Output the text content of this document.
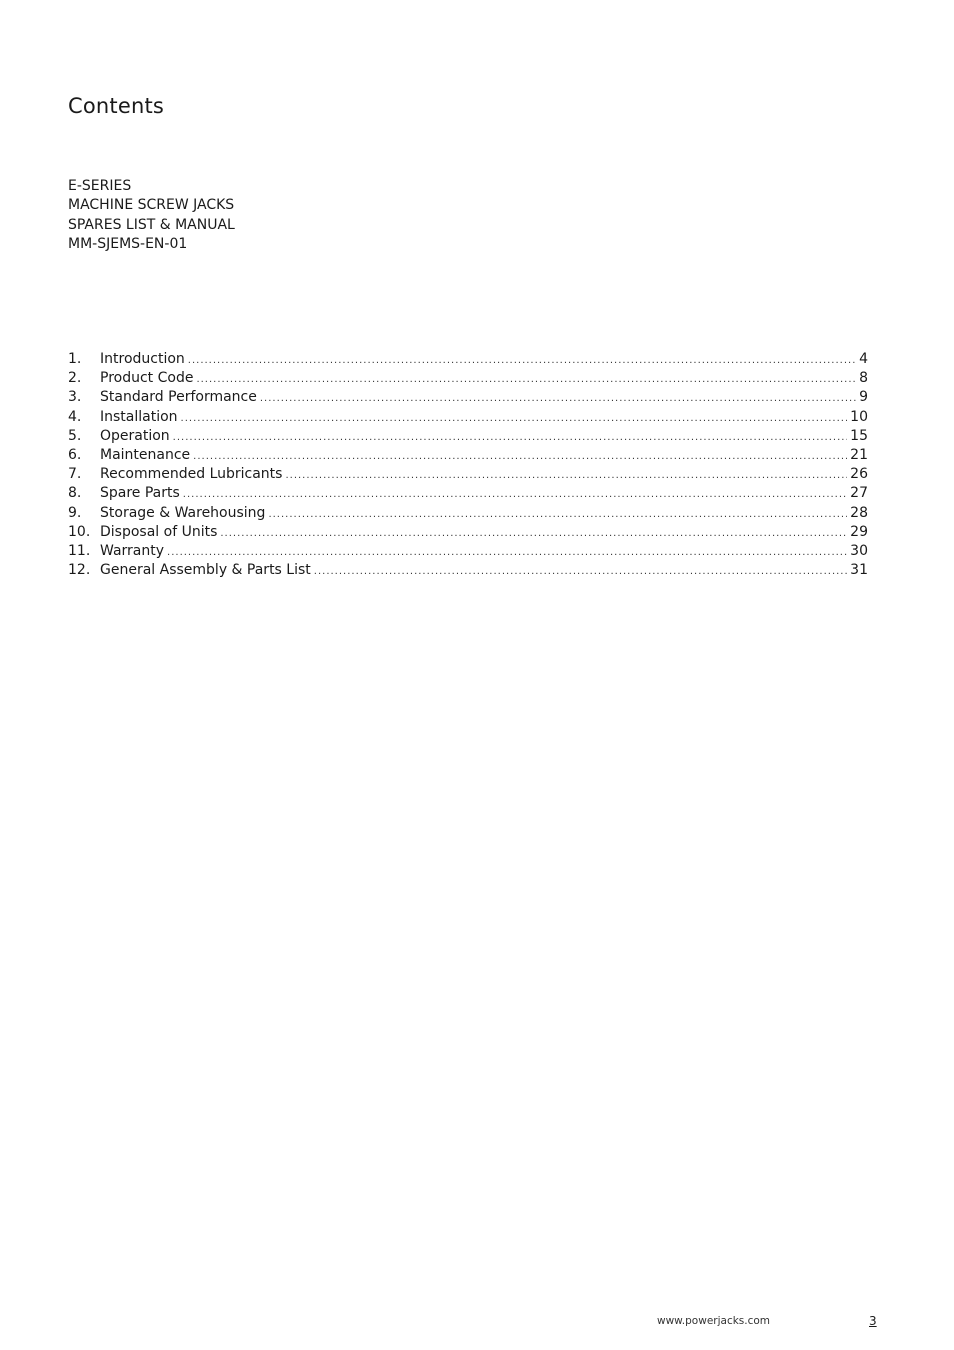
Contents
E-SERIES
MACHINE SCREW JACKS
SPARES LIST & MANUAL
MM-SJEMS-EN-01
1.	Introduction .....	4
2.	Product Code .....	8
3.	Standard Performance .....	9
4.	Installation .....	10
5.	Operation .....	15
6.	Maintenance .....	21
7.	Recommended Lubricants .....	26
8.	Spare Parts .....	27
9.	Storage & Warehousing .....	28
10. Disposal of Units .....	29
11. Warranty .....	30
12. General Assembly & Parts List .....	31
www.powerjacks.com	3
